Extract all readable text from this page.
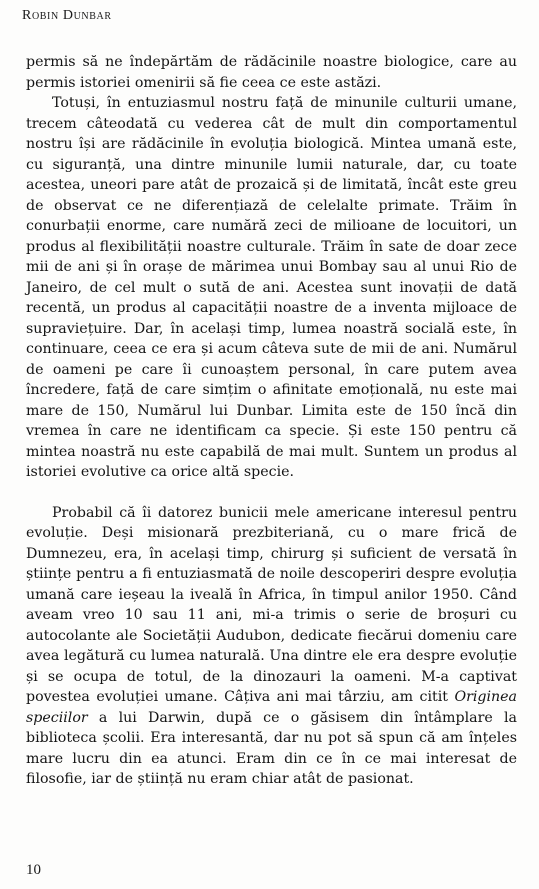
Robin Dunbar

permis să ne îndepărtăm de rădăcinile noastre biologice, care au permis istoriei omenirii să fie ceea ce este astăzi.

Totuși, în entuziasmul nostru față de minunile culturii umane, trecem câteodată cu vederea cât de mult din comportamentul nostru își are rădăcinile în evoluția biologică. Mintea umană este, cu siguranță, una dintre minunile lumii naturale, dar, cu toate acestea, uneori pare atât de prozaică și de limitată, încât este greu de observat ce ne diferențiază de celelalte primate. Trăim în conurbații enorme, care numără zeci de milioane de locuitori, un produs al flexibilității noastre culturale. Trăim în sate de doar zece mii de ani și în orașe de mărimea unui Bombay sau al unui Rio de Janeiro, de cel mult o sută de ani. Acestea sunt inovații de dată recentă, un produs al capacității noastre de a inventa mijloace de supraviețuire. Dar, în același timp, lumea noastră socială este, în continuare, ceea ce era și acum câteva sute de mii de ani. Numărul de oameni pe care îi cunoaștem personal, în care putem avea încredere, față de care simțim o afinitate emoțională, nu este mai mare de 150, Numărul lui Dunbar. Limita este de 150 încă din vremea în care ne identificam ca specie. Și este 150 pentru că mintea noastră nu este capabilă de mai mult. Suntem un produs al istoriei evolutive ca orice altă specie.

Probabil că îi datorez bunicii mele americane interesul pentru evoluție. Deși misionară prezbiteriană, cu o mare frică de Dumnezeu, era, în același timp, chirurg și suficient de versată în științe pentru a fi entuziasmată de noile descoperiri despre evoluția umană care ieșeau la iveală în Africa, în timpul anilor 1950. Când aveam vreo 10 sau 11 ani, mi-a trimis o serie de broșuri cu autocolante ale Societății Audubon, dedicate fiecărui domeniu care avea legătură cu lumea naturală. Una dintre ele era despre evoluție și se ocupa de totul, de la dinozauri la oameni. M-a captivat povestea evoluției umane. Câțiva ani mai târziu, am citit Originea speciilor a lui Darwin, după ce o găsisem din întâmplare la biblioteca școlii. Era interesantă, dar nu pot să spun că am înțeles mare lucru din ea atunci. Eram din ce în ce mai interesat de filosofie, iar de știință nu eram chiar atât de pasionat.

10
